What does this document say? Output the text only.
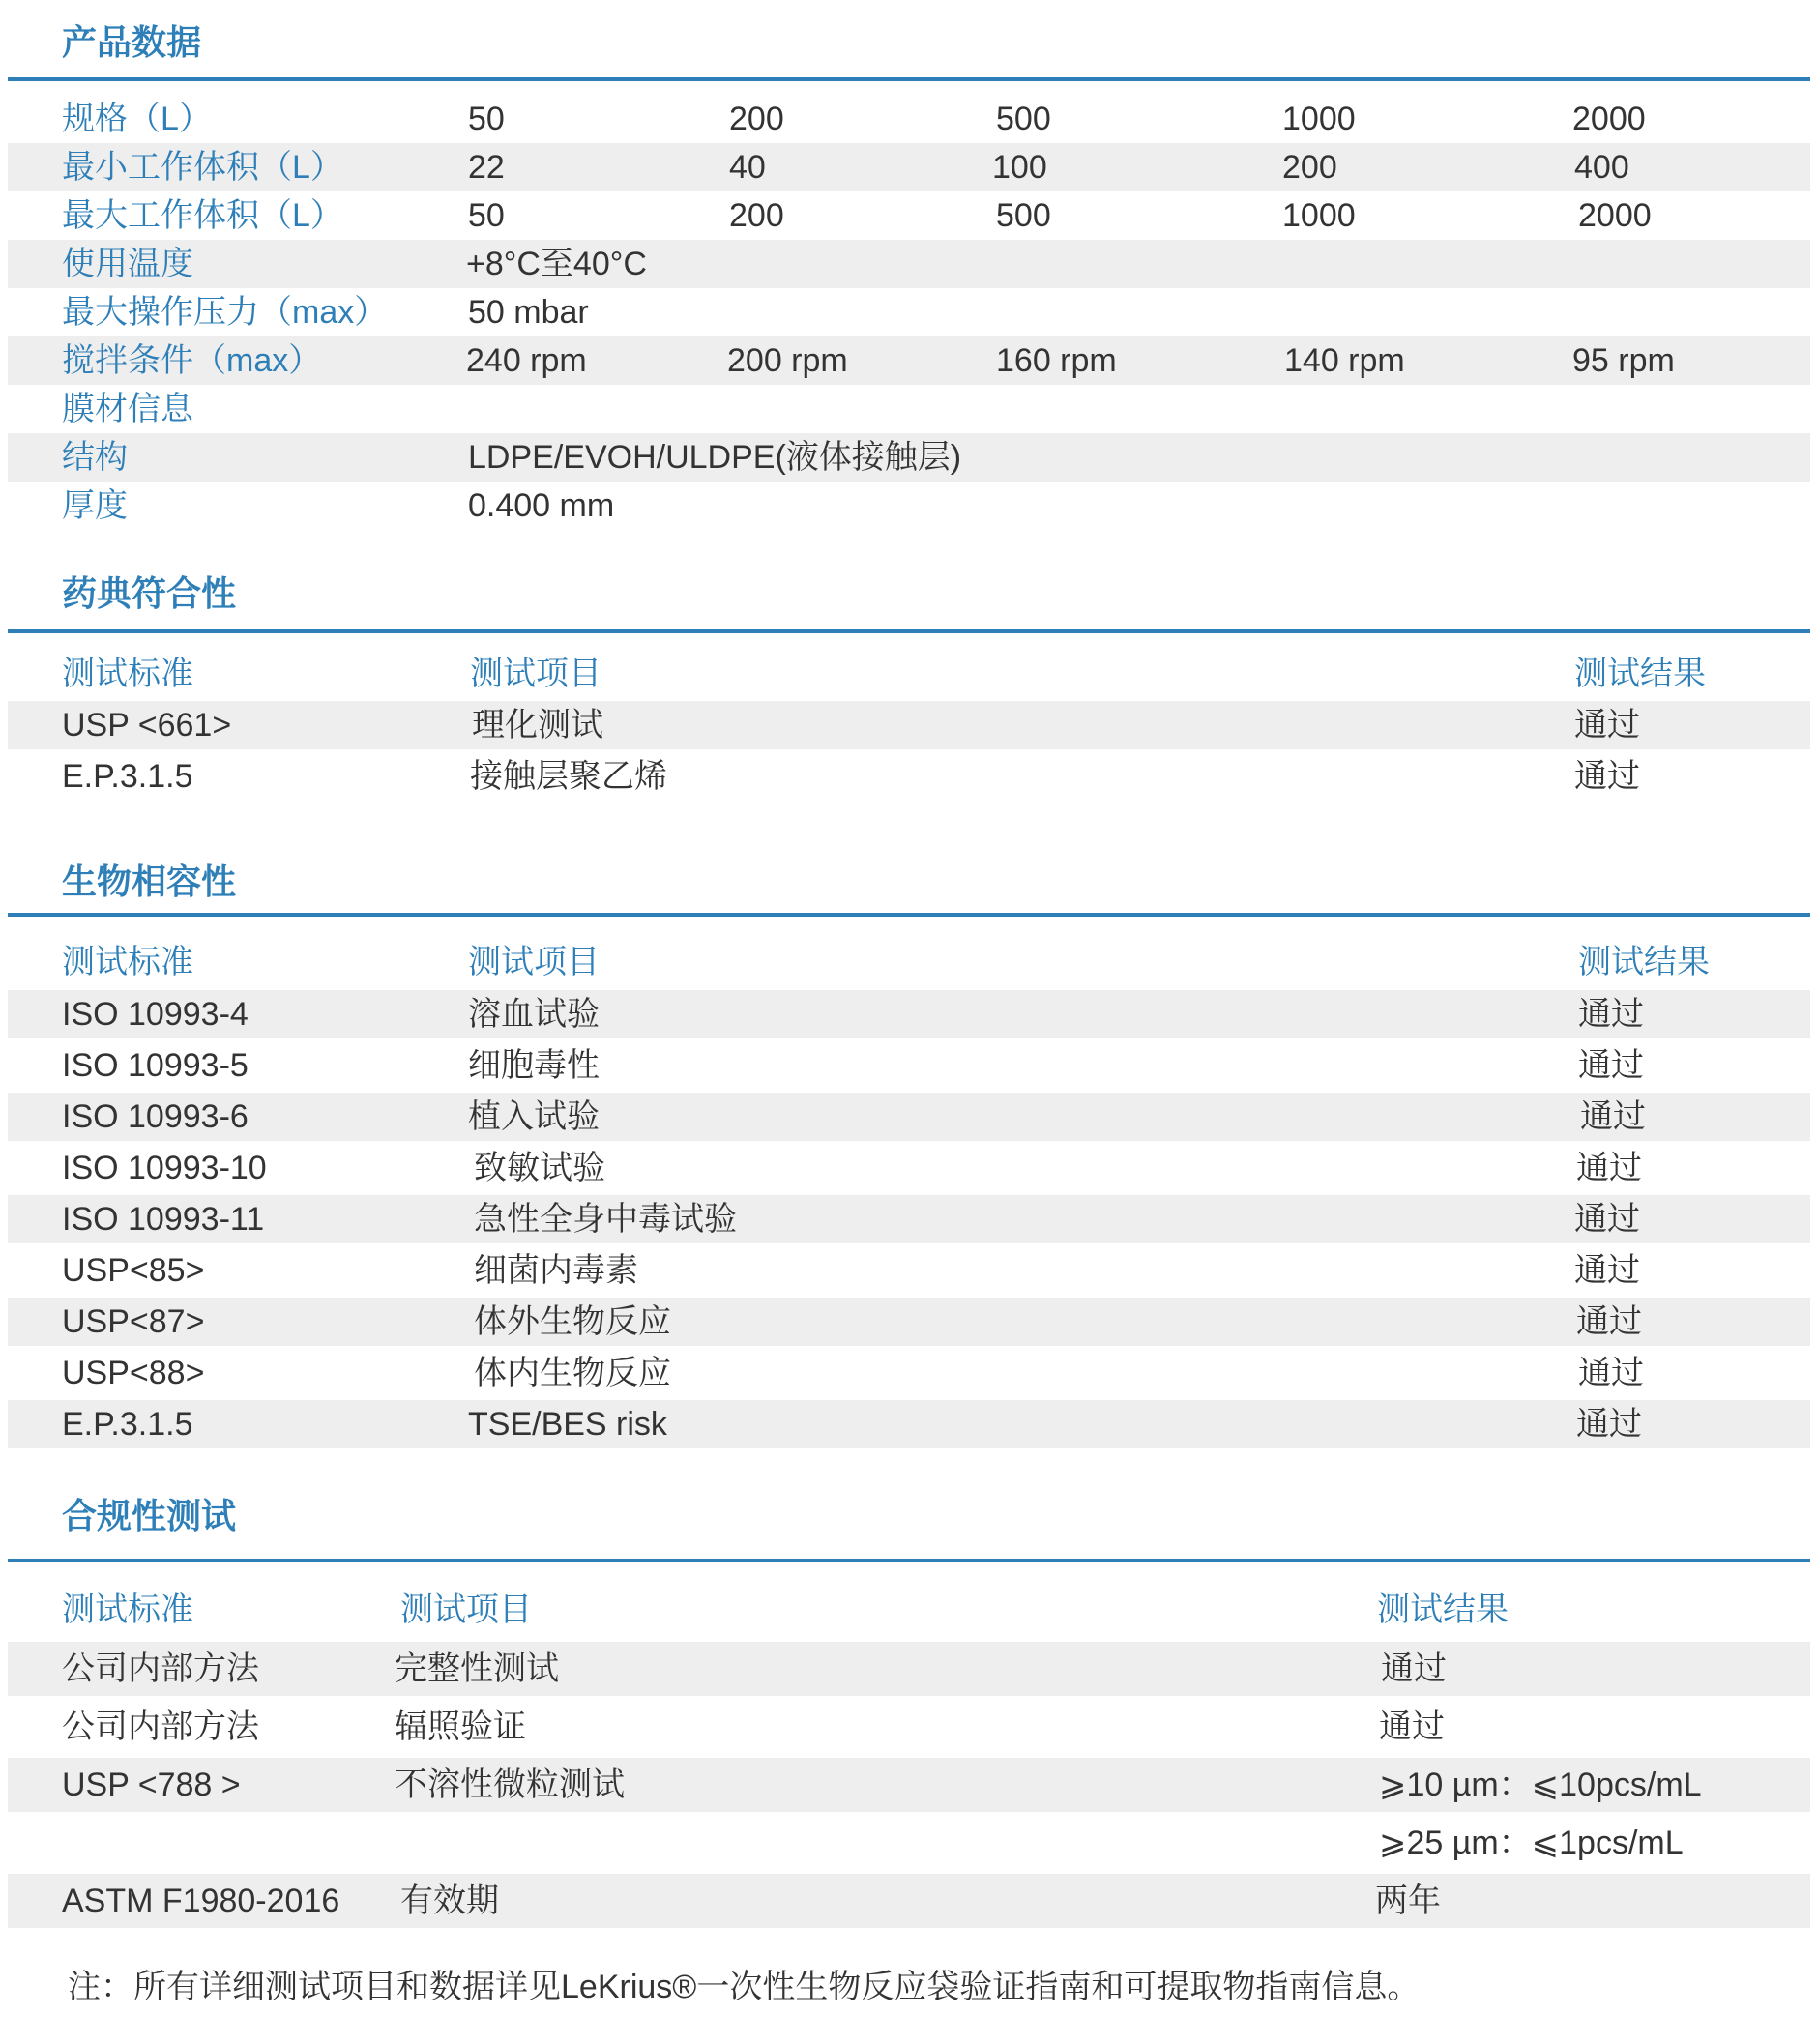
产品数据
规格（L）	50	200	500	1000	2000
最小工作体积（L）	22	40	100	200	400
最大工作体积（L）	50	200	500	1000	2000
使用温度	+8°C至40°C
最大操作压力（max） 50 mbar
搅拌条件（max）	240 rpm	200 rpm	160 rpm	140 rpm	95 rpm
膜材信息
结构	LDPE/EVOH/ULDPE(液体接触层)
厚度	0.400 mm
药典符合性
测试标准	测试项目	测试结果
USP <661>	理化测试	通过
E.P.3.1.5	接触层聚乙烯	通过
生物相容性
测试标准	测试项目	测试结果
ISO 10993-4	溶血试验	通过
ISO 10993-5	细胞毒性	通过
ISO 10993-6	植入试验	通过
ISO 10993-10	致敏试验	通过
ISO 10993-11	急性全身中毒试验	通过
USP<85>	细菌内毒素	通过
USP<87>	体外生物反应	通过
USP<88>	体内生物反应	通过
E.P.3.1.5	TSE/BES risk	通过
合规性测试
测试标准	测试项目	测试结果
公司内部方法	完整性测试	通过
公司内部方法	辐照验证	通过
USP <788 >	不溶性微粒测试	⩾10 µm：⩽10pcs/mL
⩾25 µm：⩽1pcs/mL
ASTM F1980-2016 有效期	两年
注：所有详细测试项目和数据详见LeKrius®一次性生物反应袋验证指南和可提取物指南信息。
